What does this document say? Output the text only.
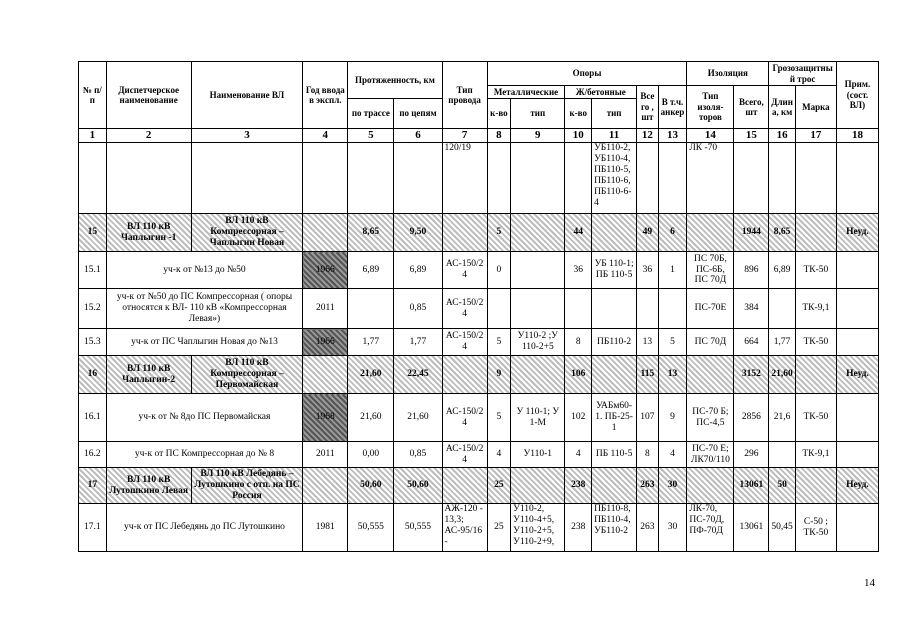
№ п/п	Диспетчерское наименование	Наименование ВЛ	Год ввода в экспл.	Протяженность, км		Тип провода	Опоры						Изоляция		Грозозащитный трос		Прим. (сост. ВЛ)
							Металлические		Ж/бетонные		Всего , шт	В т.ч. анкер	Тип изоля-торов	Всего, шт	Длин а, км	Марка	
				по трассе	по цепям		к-во	тип	к-во	тип							
1	2	3	4	5	6	7	8	9	10	11	12	13	14	15	16	17	18
						120/19				УБ110-2, УБ110-4, ПБ110-5, ПБ110-6, ПБ110-6-4			ЛК -70				
15	ВЛ 110 кВ Чаплыгин -1	ВЛ 110 кВ Компрессорная – Чаплыгин Новая		8,65	9,50		5		44		49	6		1944	8,65		Неуд.
15.1	уч-к от №13 до №50		1966	6,89	6,89	АС-150/24	0		36	УБ 110-1; ПБ 110-5	36	1	ПС 70Б, ПС-6Б, ПС 70Д	896	6,89	ТК-50	
15.2	уч-к от №50 до ПС Компрессорная ( опоры относятся к ВЛ- 110 кВ «Компрессорная Левая»)		2011		0,85	АС-150/24							ПС-70Е	384		ТК-9,1	
15.3	уч-к от ПС Чаплыгин Новая до №13		1966	1,77	1,77	АС-150/24	5	У110-2 ;У 110-2+5	8	ПБ110-2	13	5	ПС 70Д	664	1,77	ТК-50	
16	ВЛ 110 кВ Чаплыгин-2	ВЛ 110 кВ Компрессорная – Первомайская		21,60	22,45		9		106		115	13		3152	21,60		Неуд.
16.1	уч-к от № 8до ПС Первомайская		1968	21,60	21,60	АС-150/24	5	У 110-1; У 1-М	102	УАБм60-1. ПБ-25-1	107	9	ПС-70 Б; ПС-4,5	2856	21,6	ТК-50	
16.2	уч-к от ПС Компрессорная до № 8		2011	0,00	0,85	АС-150/24	4	У110-1	4	ПБ 110-5	8	4	ПС-70 Е; ЛК70/110	296		ТК-9,1	
17	ВЛ 110 кВ Лутошкино Левая	ВЛ 110 кВ Лебедянь – Лутошкино с отп. на ПС Россия		50,60	50,60		25		238		263	30		13061	50		Неуд.
17.1	уч-к от ПС Лебедянь до ПС Лутошкино		1981	50,555	50,555	АЖ-120 - 13,3; АС-95/16 -	25	У110-2, У110-4+5, У110-2+5, У110-2+9,	238	ПБ110-8, ПБ110-4, УБ110-2	263	30	ЛК-70, ПС-70Д, ПФ-70Д	13061	50,45	С-50 ; ТК-50	
14
